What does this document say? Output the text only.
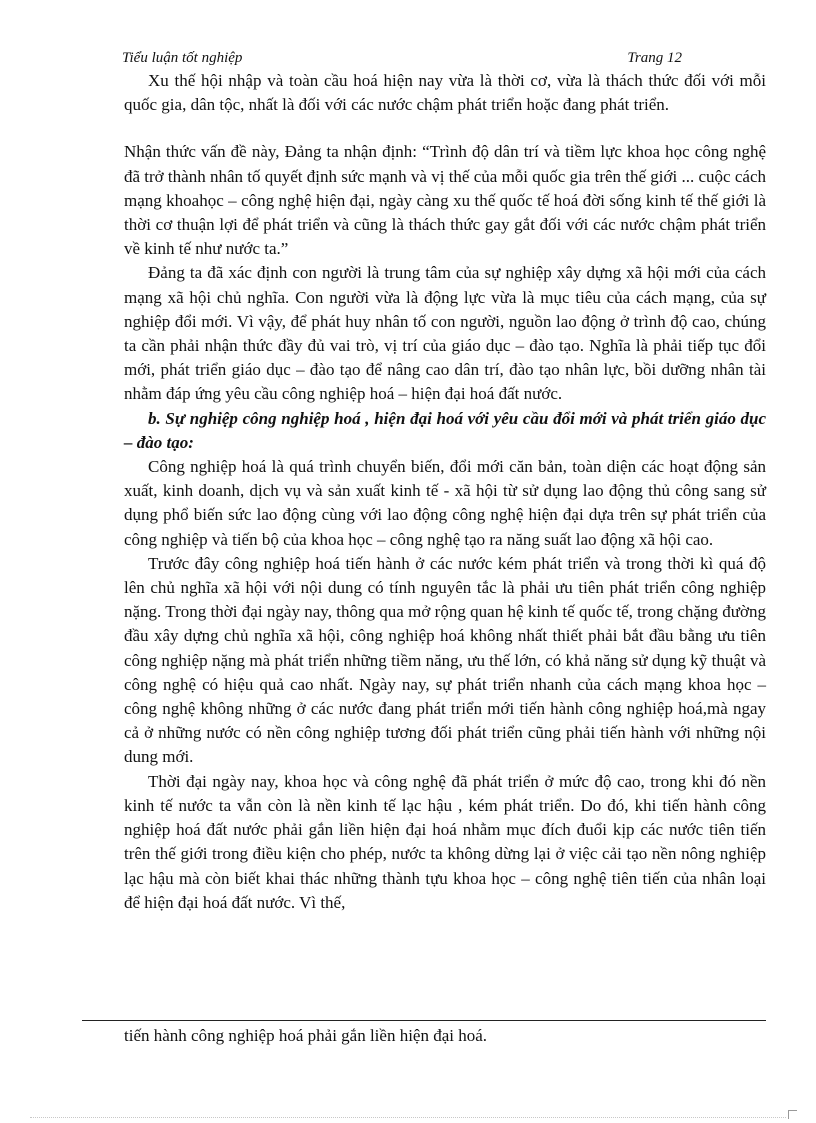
Tiểu luận tốt nghiệp	Trang 12

Xu thế hội nhập và toàn cầu hoá hiện nay vừa là thời cơ, vừa là thách thức đối với mỗi quốc gia, dân tộc, nhất là đối với các nước chậm phát triển hoặc đang phát triển.

Nhận thức vấn đề này, Đảng ta nhận định: “Trình độ dân trí và tiềm lực khoa học công nghệ đã trở thành nhân tố quyết định sức mạnh và vị thế của mỗi quốc gia trên thế giới ... cuộc cách mạng khoahọc – công nghệ hiện đại, ngày càng xu thế quốc tế hoá đời sống kinh tế thế giới là thời cơ thuận lợi để phát triển và cũng là thách thức gay gắt đối với các nước chậm phát triển về kinh tế như nước ta.”

Đảng ta đã xác định con người là trung tâm của sự nghiệp xây dựng xã hội mới của cách mạng xã hội chủ nghĩa. Con người vừa là động lực vừa là mục tiêu của cách mạng, của sự nghiệp đổi mới. Vì vậy, để phát huy nhân tố con người, nguồn lao động ở trình độ cao, chúng ta cần phải nhận thức đầy đủ vai trò, vị trí của giáo dục – đào tạo. Nghĩa là phải tiếp tục đổi mới, phát triển giáo dục – đào tạo để nâng cao dân trí, đào tạo nhân lực, bồi dưỡng nhân tài nhằm đáp ứng yêu cầu công nghiệp hoá – hiện đại hoá đất nước.

b. Sự nghiệp công nghiệp hoá , hiện đại hoá với yêu cầu đổi mới và phát triển giáo dục – đào tạo:

Công nghiệp hoá là quá trình chuyển biến, đổi mới căn bản, toàn diện các hoạt động sản xuất, kinh doanh, dịch vụ và sản xuất kinh tế - xã hội từ sử dụng lao động thủ công sang sử dụng phổ biến sức lao động cùng với lao động công nghệ hiện đại dựa trên sự phát triển của công nghiệp và tiến bộ của khoa học – công nghệ tạo ra năng suất lao động xã hội cao.

Trước đây công nghiệp hoá tiến hành ở các nước kém phát triển và trong thời kì quá độ lên chủ nghĩa xã hội với nội dung có tính nguyên tắc là phải ưu tiên phát triển công nghiệp nặng. Trong thời đại ngày nay, thông qua mở rộng quan hệ kinh tế quốc tế, trong chặng đường đầu xây dựng chủ nghĩa xã hội, công nghiệp hoá không nhất thiết phải bắt đầu bằng ưu tiên công nghiệp nặng mà phát triển những tiềm năng, ưu thế lớn, có khả năng sử dụng kỹ thuật và công nghệ có hiệu quả cao nhất. Ngày nay, sự phát triển nhanh của cách mạng khoa học – công nghệ không những ở các nước đang phát triển mới tiến hành công nghiệp hoá,mà ngay cả ở những nước có nền công nghiệp tương đối phát triển cũng phải tiến hành với những nội dung mới.

Thời đại ngày nay, khoa học và công nghệ đã phát triển ở mức độ cao, trong khi đó nền kinh tế nước ta vẫn còn là nền kinh tế lạc hậu , kém phát triển. Do đó, khi tiến hành công nghiệp hoá đất nước phải gắn liền hiện đại hoá nhằm mục đích đuổi kịp các nước tiên tiến trên thế giới trong điều kiện cho phép, nước ta không dừng lại ở việc cải tạo nền nông nghiệp lạc hậu mà còn biết khai thác những thành tựu khoa học – công nghệ tiên tiến của nhân loại để hiện đại hoá đất nước. Vì thế,

tiến hành công nghiệp hoá phải gắn liền hiện đại hoá.
